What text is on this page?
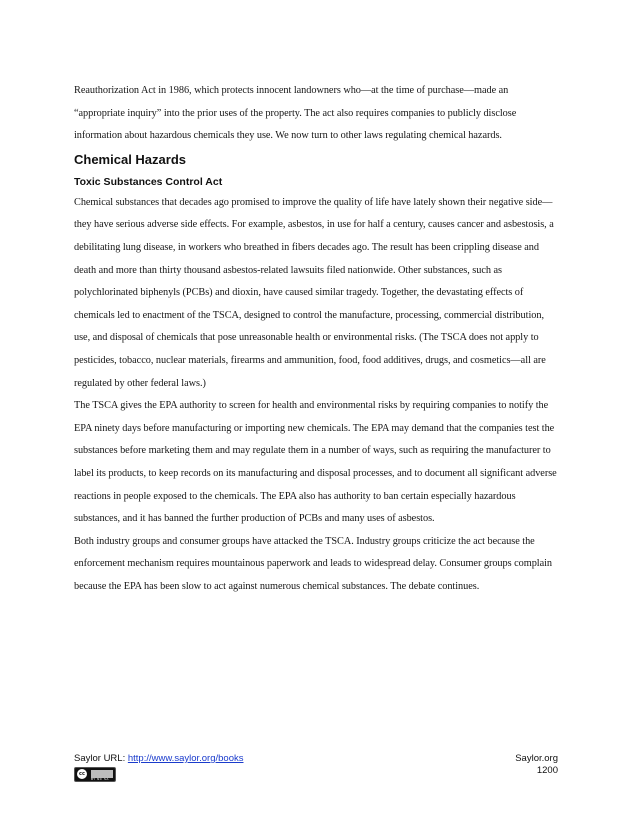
Reauthorization Act in 1986, which protects innocent landowners who—at the time of purchase—made an “appropriate inquiry” into the prior uses of the property. The act also requires companies to publicly disclose information about hazardous chemicals they use. We now turn to other laws regulating chemical hazards.

Chemical Hazards
Toxic Substances Control Act

Chemical substances that decades ago promised to improve the quality of life have lately shown their negative side—they have serious adverse side effects. For example, asbestos, in use for half a century, causes cancer and asbestosis, a debilitating lung disease, in workers who breathed in fibers decades ago. The result has been crippling disease and death and more than thirty thousand asbestos-related lawsuits filed nationwide. Other substances, such as polychlorinated biphenyls (PCBs) and dioxin, have caused similar tragedy. Together, the devastating effects of chemicals led to enactment of the TSCA, designed to control the manufacture, processing, commercial distribution, use, and disposal of chemicals that pose unreasonable health or environmental risks. (The TSCA does not apply to pesticides, tobacco, nuclear materials, firearms and ammunition, food, food additives, drugs, and cosmetics—all are regulated by other federal laws.)

The TSCA gives the EPA authority to screen for health and environmental risks by requiring companies to notify the EPA ninety days before manufacturing or importing new chemicals. The EPA may demand that the companies test the substances before marketing them and may regulate them in a number of ways, such as requiring the manufacturer to label its products, to keep records on its manufacturing and disposal processes, and to document all significant adverse reactions in people exposed to the chemicals. The EPA also has authority to ban certain especially hazardous substances, and it has banned the further production of PCBs and many uses of asbestos.

Both industry groups and consumer groups have attacked the TSCA. Industry groups criticize the act because the enforcement mechanism requires mountainous paperwork and leads to widespread delay. Consumer groups complain because the EPA has been slow to act against numerous chemical substances. The debate continues.

Saylor URL: http://www.saylor.org/books
cc
BY NC SA
Saylor.org
1200
